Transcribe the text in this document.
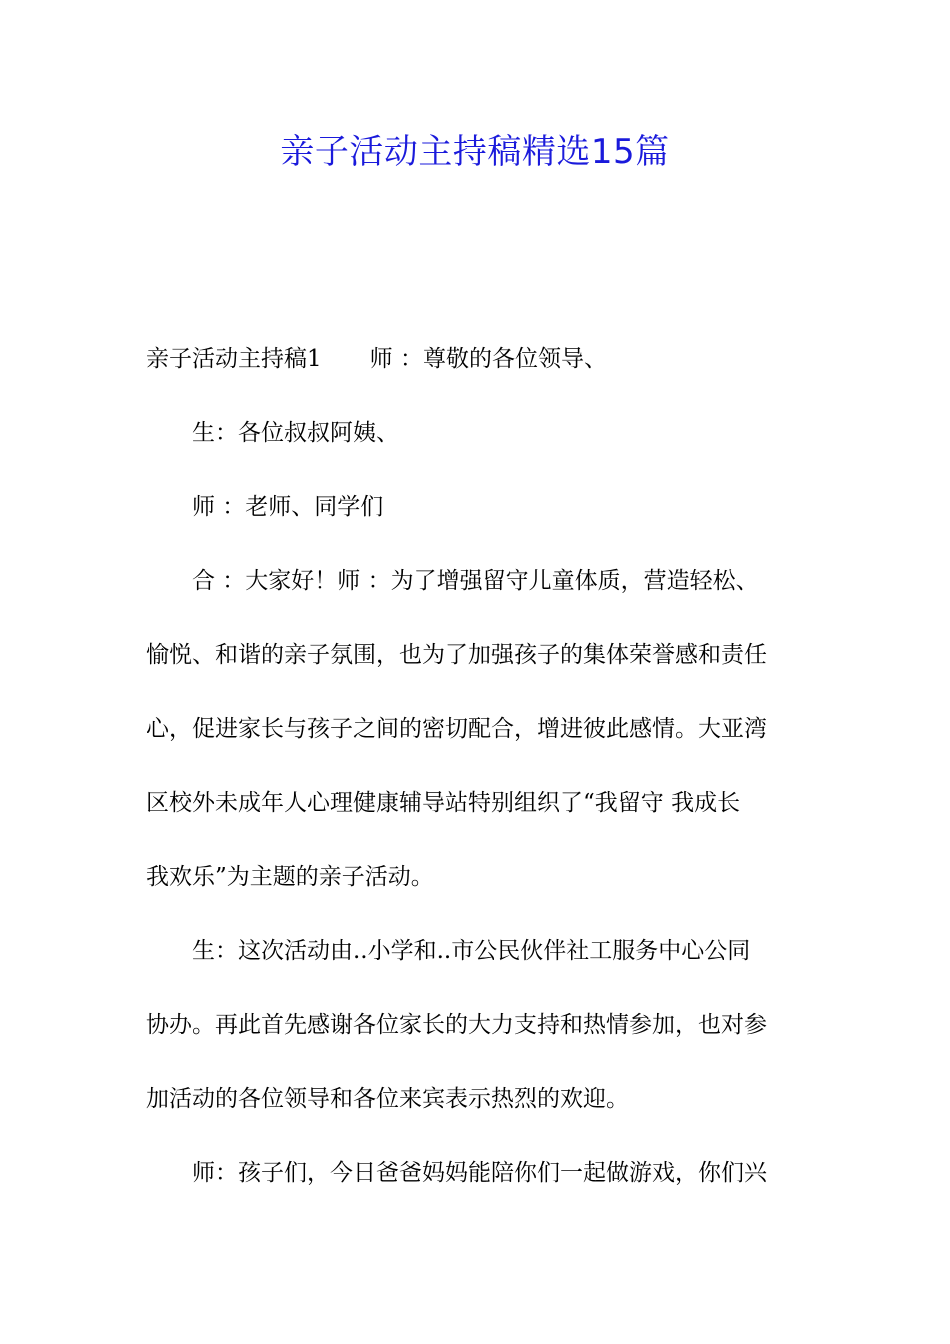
亲子活动主持稿精选15篇
亲子活动主持稿1 师 ：尊敬的各位领导、
生：各位叔叔阿姨、
师 ：老师、同学们
合 ：大家好！师 ：为了增强留守儿童体质，营造轻松、
愉悦、和谐的亲子氛围，也为了加强孩子的集体荣誉感和责任
心，促进家长与孩子之间的密切配合，增进彼此感情。大亚湾
区校外未成年人心理健康辅导站特别组织了“我留守 我成长
我欢乐”为主题的亲子活动。
生：这次活动由..小学和..市公民伙伴社工服务中心公同
协办。再此首先感谢各位家长的大力支持和热情参加，也对参
加活动的各位领导和各位来宾表示热烈的欢迎。
师：孩子们，今日爸爸妈妈能陪你们一起做游戏，你们兴
